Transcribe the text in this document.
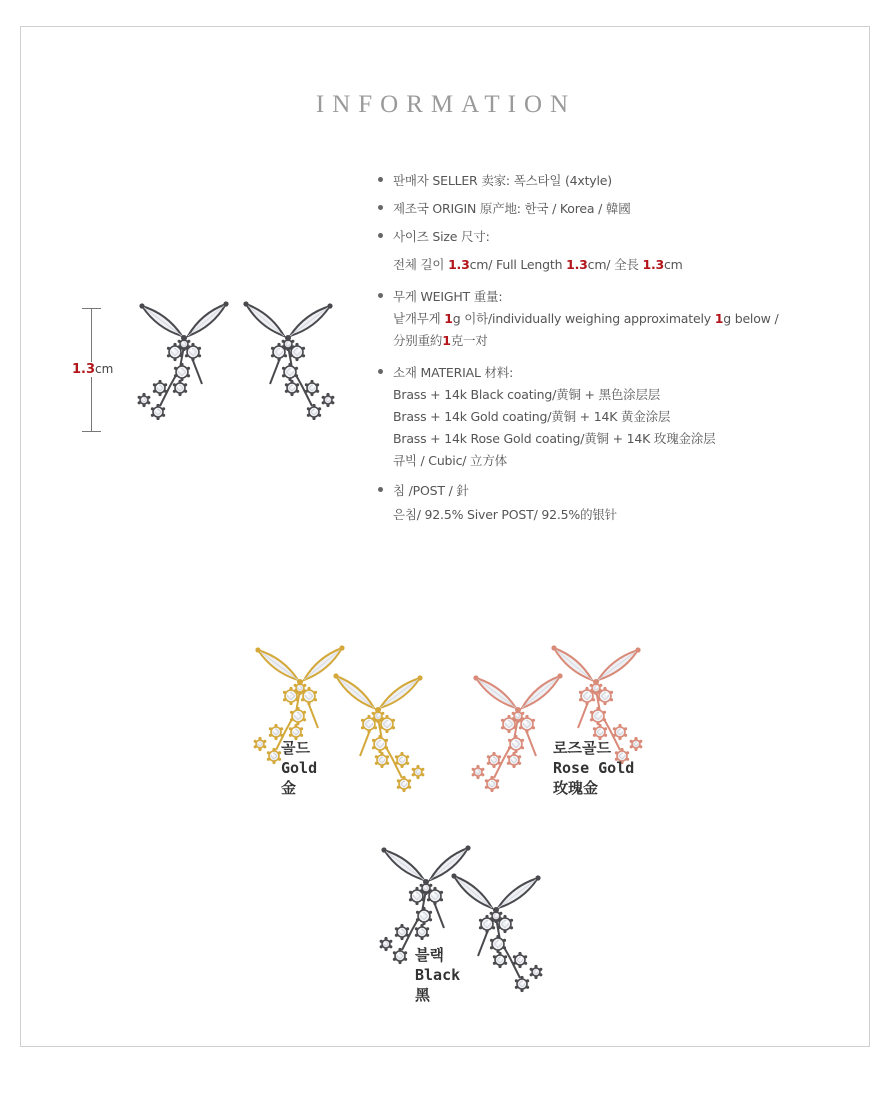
INFORMATION
1.3cm
판매자 SELLER 卖家: 폭스타일 (4xtyle)
제조국 ORIGIN 原产地: 한국 / Korea / 韓國
사이즈 Size 尺寸:
전체 길이 1.3cm/ Full Length 1.3cm/ 全長 1.3cm
무게 WEIGHT 重量:
낱개무게 1g 이하/individually weighing approximately 1g below /
分别重約1克一对
소재 MATERIAL 材料:
Brass + 14k Black coating/黄铜 + 黑色涂层层
Brass + 14k Gold coating/黄铜 + 14K 黄金涂层
Brass + 14k Rose Gold coating/黄铜 + 14K 玫瑰金涂层
큐빅 / Cubic/ 立方体
침 /POST / 針
은침/ 92.5% Siver POST/ 92.5%的银针
골드
Gold
金
로즈골드
Rose Gold
玫瑰金
블랙
Black
黑
